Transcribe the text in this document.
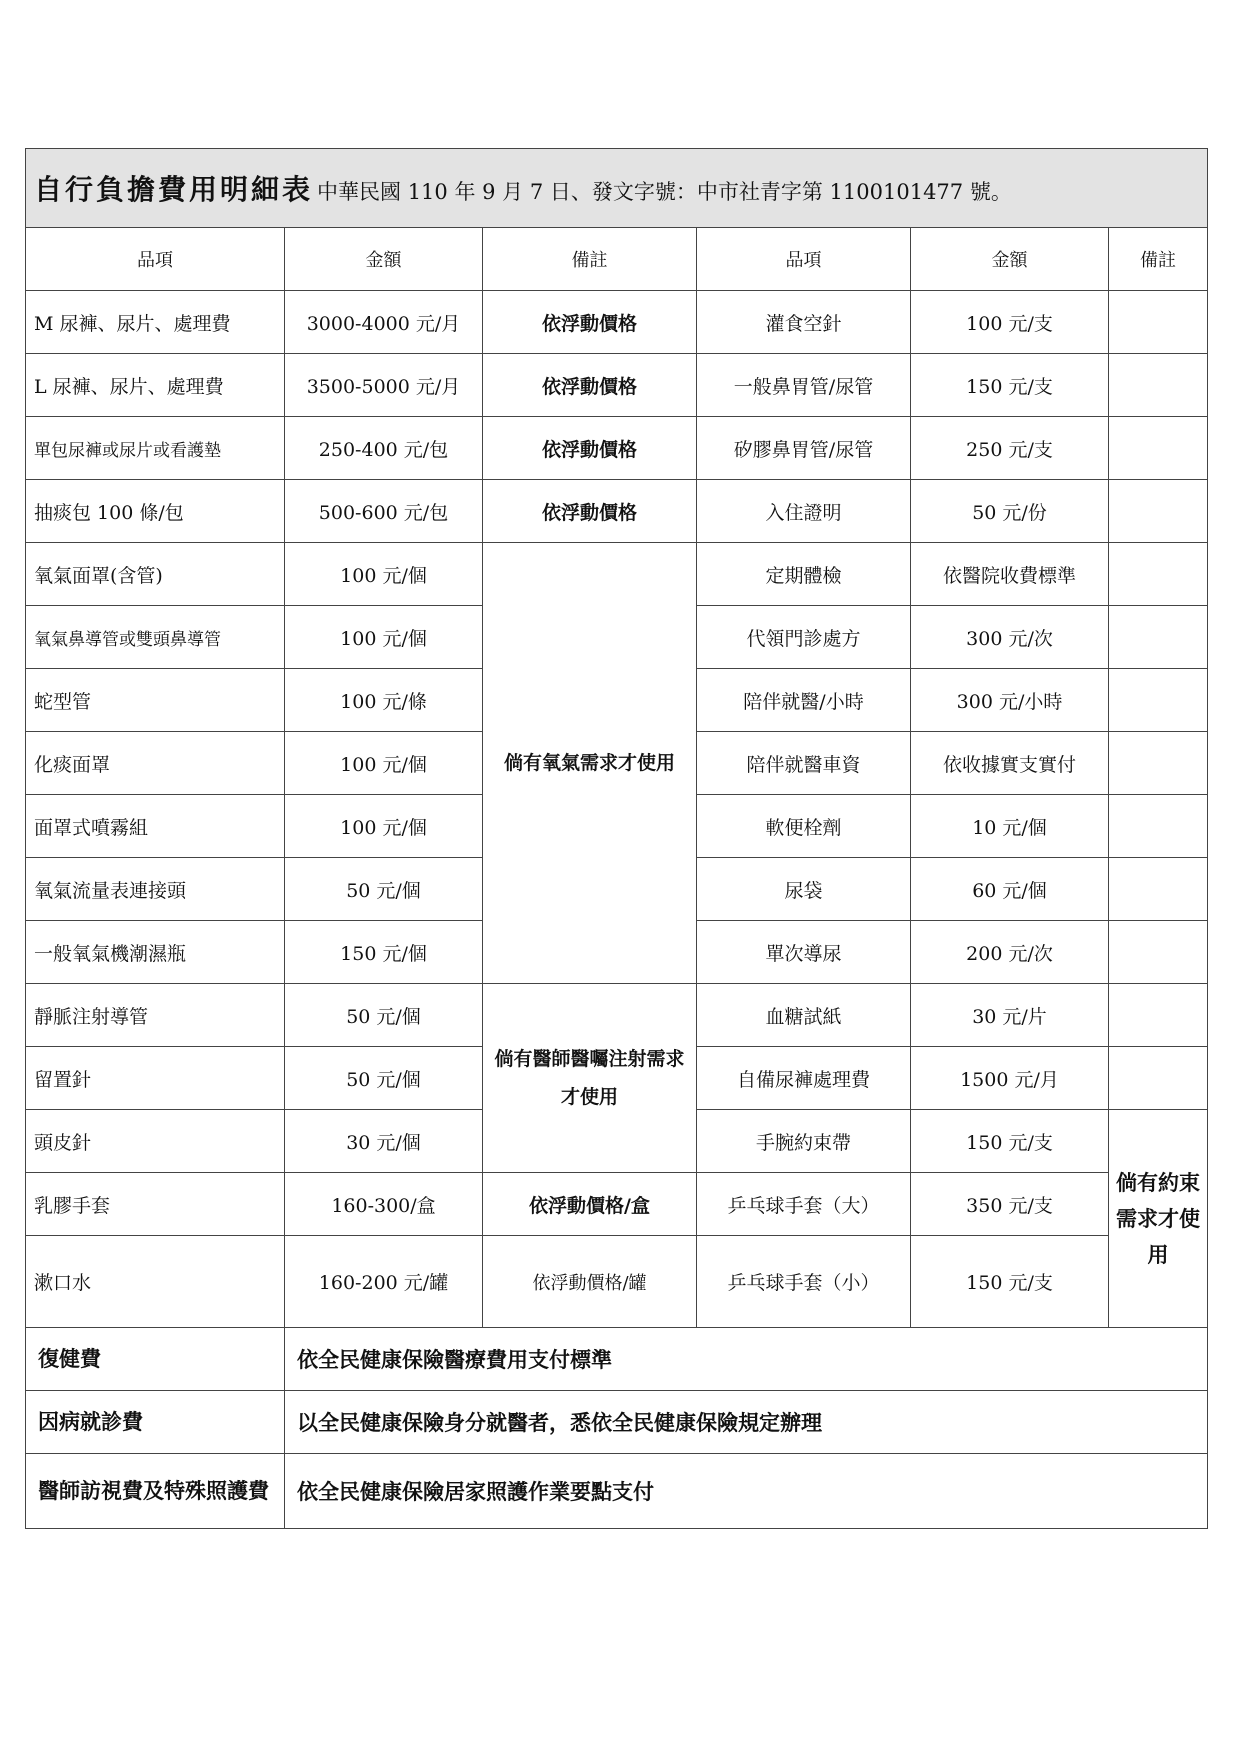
自行負擔費用明細表 中華民國 110 年 9 月 7 日、發文字號：中市社青字第 1100101477 號。					
品項	金額	備註	品項	金額	備註
M 尿褲、尿片、處理費	3000-4000 元/月	依浮動價格	灌食空針	100 元/支	
L 尿褲、尿片、處理費	3500-5000 元/月	依浮動價格	一般鼻胃管/尿管	150 元/支	
單包尿褲或尿片或看護墊	250-400 元/包	依浮動價格	矽膠鼻胃管/尿管	250 元/支	
抽痰包 100 條/包	500-600 元/包	依浮動價格	入住證明	50 元/份	
氧氣面罩(含管)	100 元/個	倘有氧氣需求才使用	定期體檢	依醫院收費標準	
氧氣鼻導管或雙頭鼻導管	100 元/個		代領門診處方	300 元/次	
蛇型管	100 元/條		陪伴就醫/小時	300 元/小時	
化痰面罩	100 元/個		陪伴就醫車資	依收據實支實付	
面罩式噴霧組	100 元/個		軟便栓劑	10 元/個	
氧氣流量表連接頭	50 元/個		尿袋	60 元/個	
一般氧氣機潮濕瓶	150 元/個		單次導尿	200 元/次	
靜脈注射導管	50 元/個	倘有醫師醫囑注射需求才使用	血糖試紙	30 元/片	
留置針	50 元/個		自備尿褲處理費	1500 元/月	
頭皮針	30 元/個		手腕約束帶	150 元/支	倘有約束需求才使用
乳膠手套	160-300/盒	依浮動價格/盒	乒乓球手套（大）	350 元/支	
漱口水	160-200 元/罐	依浮動價格/罐	乒乓球手套（小）	150 元/支	
復健費	依全民健康保險醫療費用支付標準				
因病就診費	以全民健康保險身分就醫者，悉依全民健康保險規定辦理				
醫師訪視費及特殊照護費	依全民健康保險居家照護作業要點支付				
